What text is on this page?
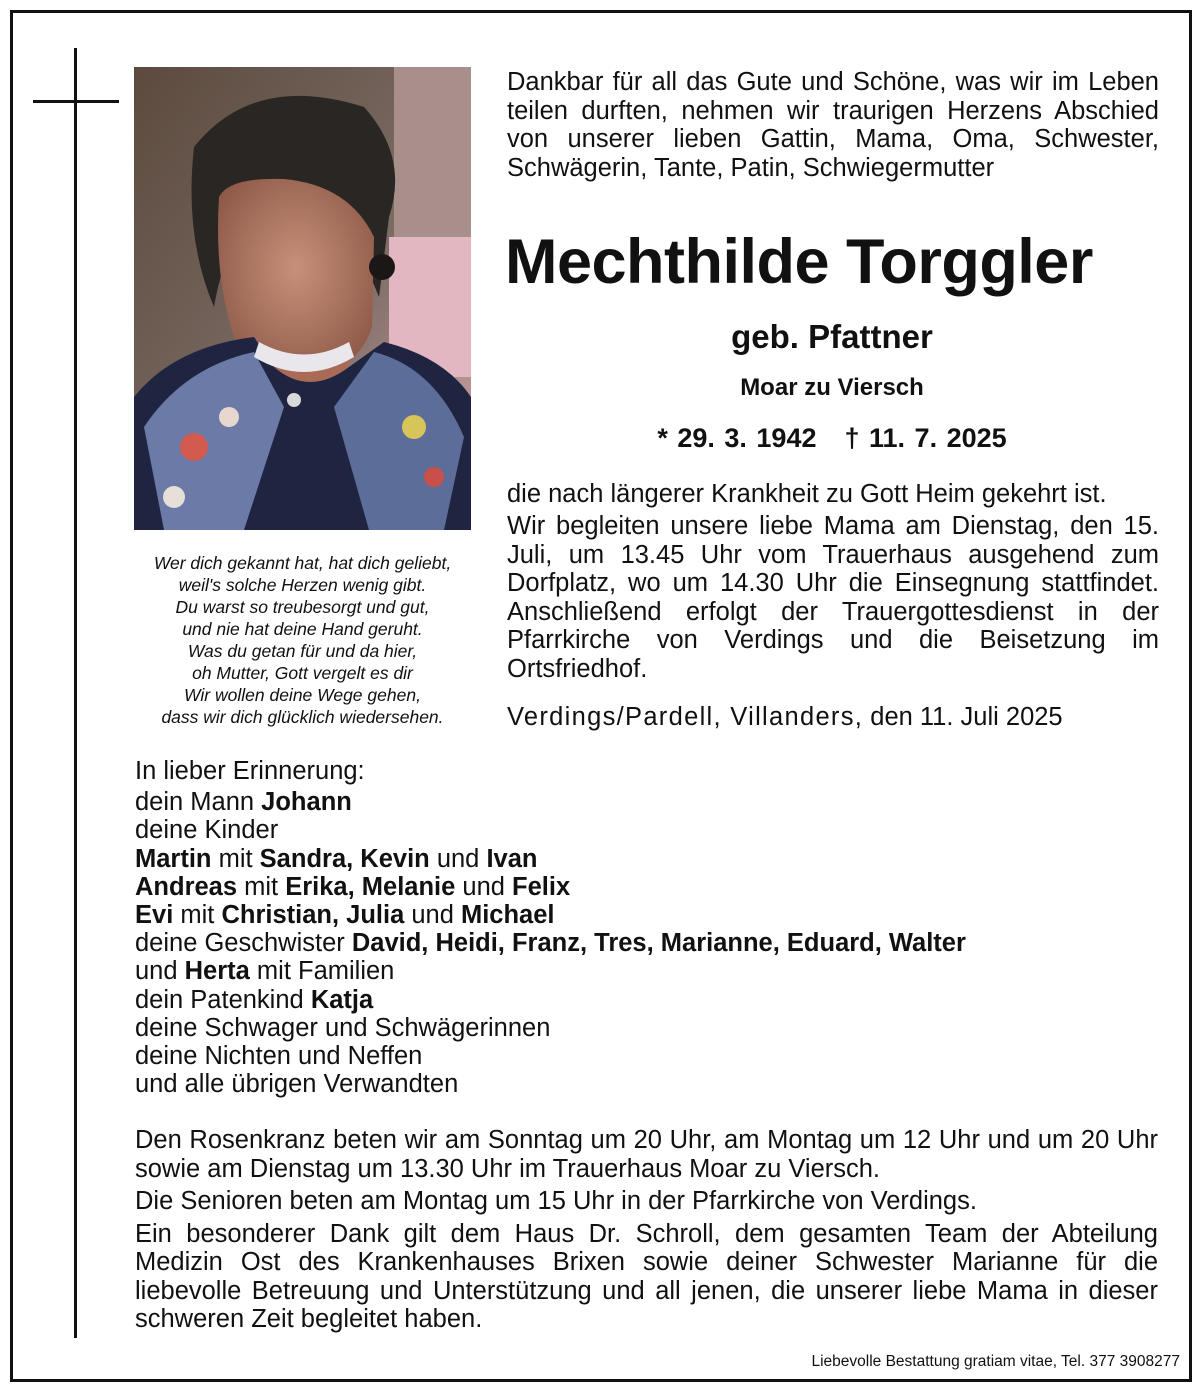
Wer dich gekannt hat, hat dich geliebt,
weil's solche Herzen wenig gibt.
Du warst so treubesorgt und gut,
und nie hat deine Hand geruht.
Was du getan für und da hier,
oh Mutter, Gott vergelt es dir
Wir wollen deine Wege gehen,
dass wir dich glücklich wiedersehen.
Dankbar für all das Gute und Schöne, was wir im Leben teilen durften, nehmen wir traurigen Herzens Abschied von unserer lieben Gattin, Mama, Oma, Schwester, Schwägerin, Tante, Patin, Schwiegermutter
Mechthilde Torggler
geb. Pfattner
Moar zu Viersch
* 29. 3. 1942 † 11. 7. 2025
die nach längerer Krankheit zu Gott Heim gekehrt ist.
Wir begleiten unsere liebe Mama am Dienstag, den 15. Juli, um 13.45 Uhr vom Trauerhaus ausgehend zum Dorfplatz, wo um 14.30 Uhr die Einsegnung stattfindet. Anschließend erfolgt der Trauergottesdienst in der Pfarrkirche von Verdings und die Beisetzung im Ortsfriedhof.
Verdings/Pardell, Villanders, den 11. Juli 2025
In lieber Erinnerung:
dein Mann Johann
deine Kinder
Martin mit Sandra, Kevin und Ivan
Andreas mit Erika, Melanie und Felix
Evi mit Christian, Julia und Michael
deine Geschwister David, Heidi, Franz, Tres, Marianne, Eduard, Walter
und Herta mit Familien
dein Patenkind Katja
deine Schwager und Schwägerinnen
deine Nichten und Neffen
und alle übrigen Verwandten

Den Rosenkranz beten wir am Sonntag um 20 Uhr, am Montag um 12 Uhr und um 20 Uhr sowie am Dienstag um 13.30 Uhr im Trauerhaus Moar zu Viersch.

Die Senioren beten am Montag um 15 Uhr in der Pfarrkirche von Verdings.

Ein besonderer Dank gilt dem Haus Dr. Schroll, dem gesamten Team der Abteilung Medizin Ost des Krankenhauses Brixen sowie deiner Schwester Marianne für die liebevolle Betreuung und Unterstützung und all jenen, die unserer liebe Mama in dieser schweren Zeit begleitet haben.

Liebevolle Bestattung gratiam vitae, Tel. 377 3908277
